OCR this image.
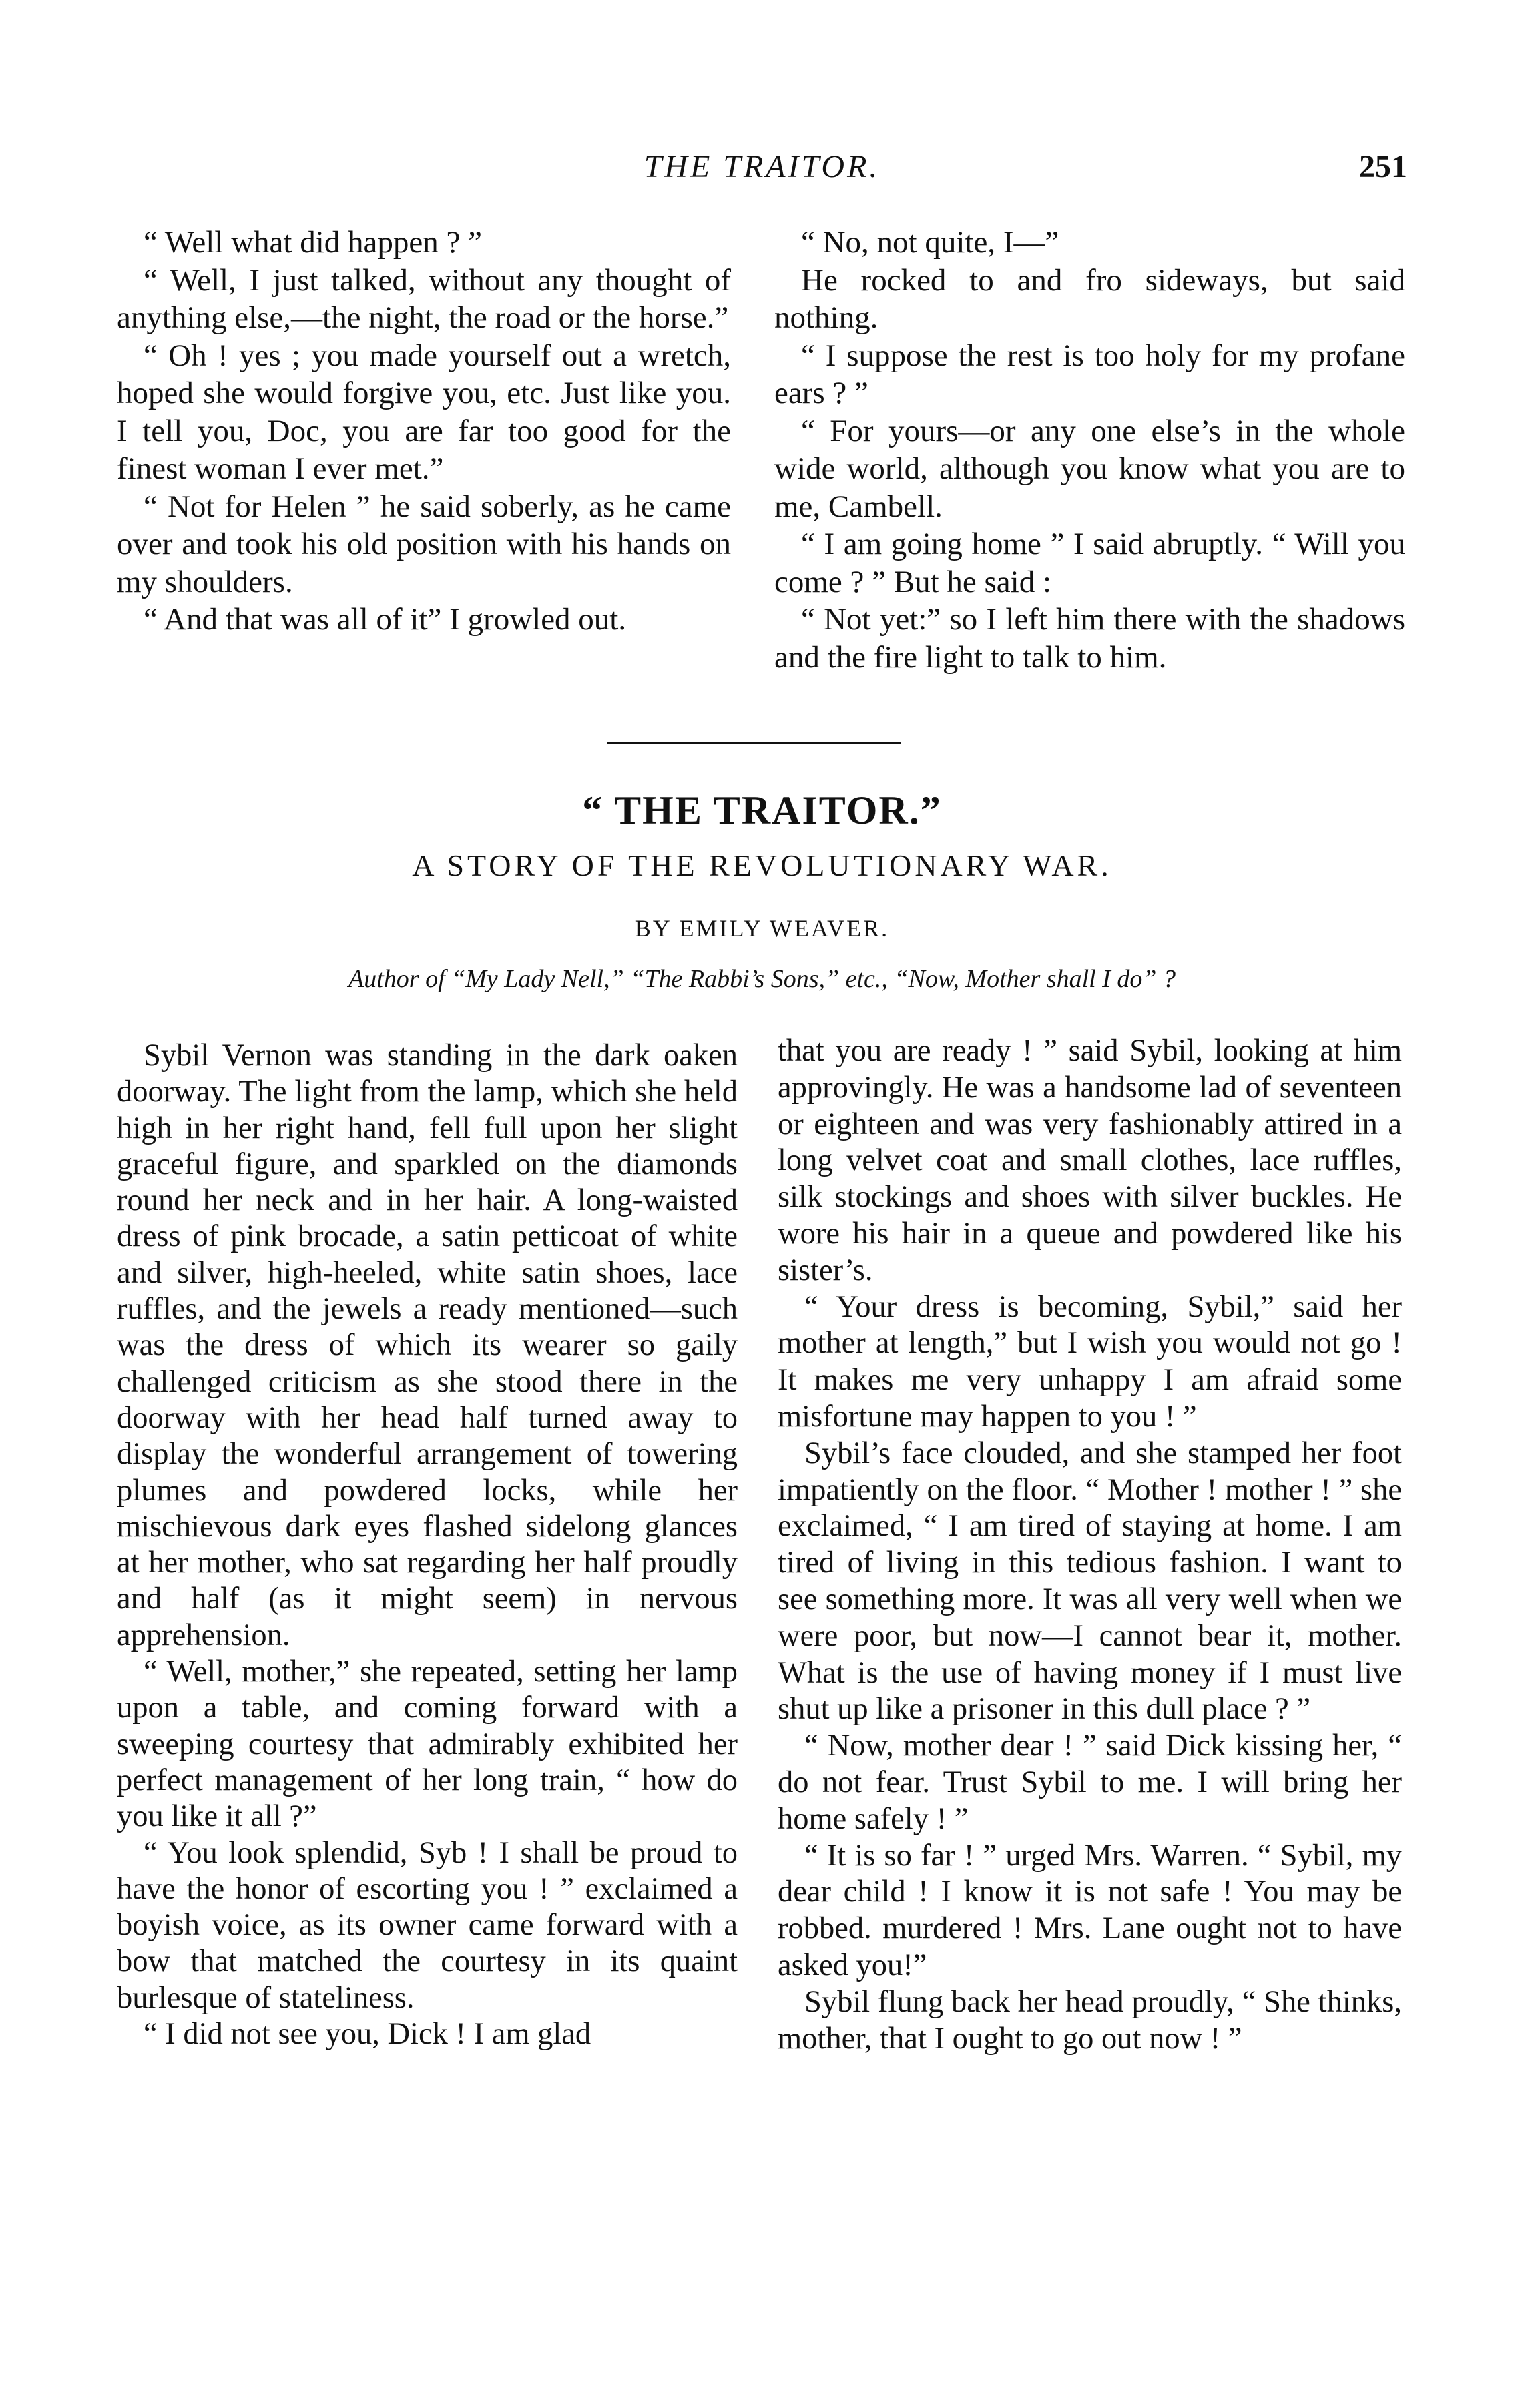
THE TRAITOR.	251

“ Well what did happen ? ”

“ Well, I just talked, without any thought of anything else,—the night, the road or the horse.”

“ Oh ! yes ; you made yourself out a wretch, hoped she would forgive you, etc. Just like you. I tell you, Doc, you are far too good for the finest woman I ever met.”

“ Not for Helen ” he said soberly, as he came over and took his old position with his hands on my shoulders.

“ And that was all of it” I growled out.

“ No, not quite, I—”

He rocked to and fro sideways, but said nothing.

“ I suppose the rest is too holy for my profane ears ? ”

“ For yours—or any one else’s in the whole wide world, although you know what you are to me, Cambell.

“ I am going home ” I said abruptly. “ Will you come ? ” But he said :

“ Not yet:” so I left him there with the shadows and the fire light to talk to him.

“ THE TRAITOR.”
A STORY OF THE REVOLUTIONARY WAR.
BY EMILY WEAVER.
Author of “My Lady Nell,” “The Rabbi’s Sons,” etc., “Now, Mother shall I do” ?

Sybil Vernon was standing in the dark oaken doorway. The light from the lamp, which she held high in her right hand, fell full upon her slight graceful figure, and sparkled on the diamonds round her neck and in her hair. A long-waisted dress of pink brocade, a satin petticoat of white and silver, high-heeled, white satin shoes, lace ruffles, and the jewels a ready mentioned—such was the dress of which its wearer so gaily challenged criticism as she stood there in the doorway with her head half turned away to display the wonderful arrangement of towering plumes and powdered locks, while her mischievous dark eyes flashed sidelong glances at her mother, who sat regarding her half proudly and half (as it might seem) in nervous apprehension.

“ Well, mother,” she repeated, setting her lamp upon a table, and coming forward with a sweeping courtesy that admirably exhibited her perfect management of her long train, “ how do you like it all ?”

“ You look splendid, Syb ! I shall be proud to have the honor of escorting you ! ” exclaimed a boyish voice, as its owner came forward with a bow that matched the courtesy in its quaint burlesque of stateliness.

“ I did not see you, Dick ! I am glad

that you are ready ! ” said Sybil, looking at him approvingly. He was a handsome lad of seventeen or eighteen and was very fashionably attired in a long velvet coat and small clothes, lace ruffles, silk stockings and shoes with silver buckles. He wore his hair in a queue and powdered like his sister’s.

“ Your dress is becoming, Sybil,” said her mother at length,” but I wish you would not go ! It makes me very unhappy I am afraid some misfortune may happen to you ! ”

Sybil’s face clouded, and she stamped her foot impatiently on the floor. “ Mother ! mother ! ” she exclaimed, “ I am tired of staying at home. I am tired of living in this tedious fashion. I want to see something more. It was all very well when we were poor, but now—I cannot bear it, mother. What is the use of having money if I must live shut up like a prisoner in this dull place ? ”

“ Now, mother dear ! ” said Dick kissing her, “ do not fear. Trust Sybil to me. I will bring her home safely ! ”

“ It is so far ! ” urged Mrs. Warren. “ Sybil, my dear child ! I know it is not safe ! You may be robbed. murdered ! Mrs. Lane ought not to have asked you!”

Sybil flung back her head proudly, “ She thinks, mother, that I ought to go out now ! ”
